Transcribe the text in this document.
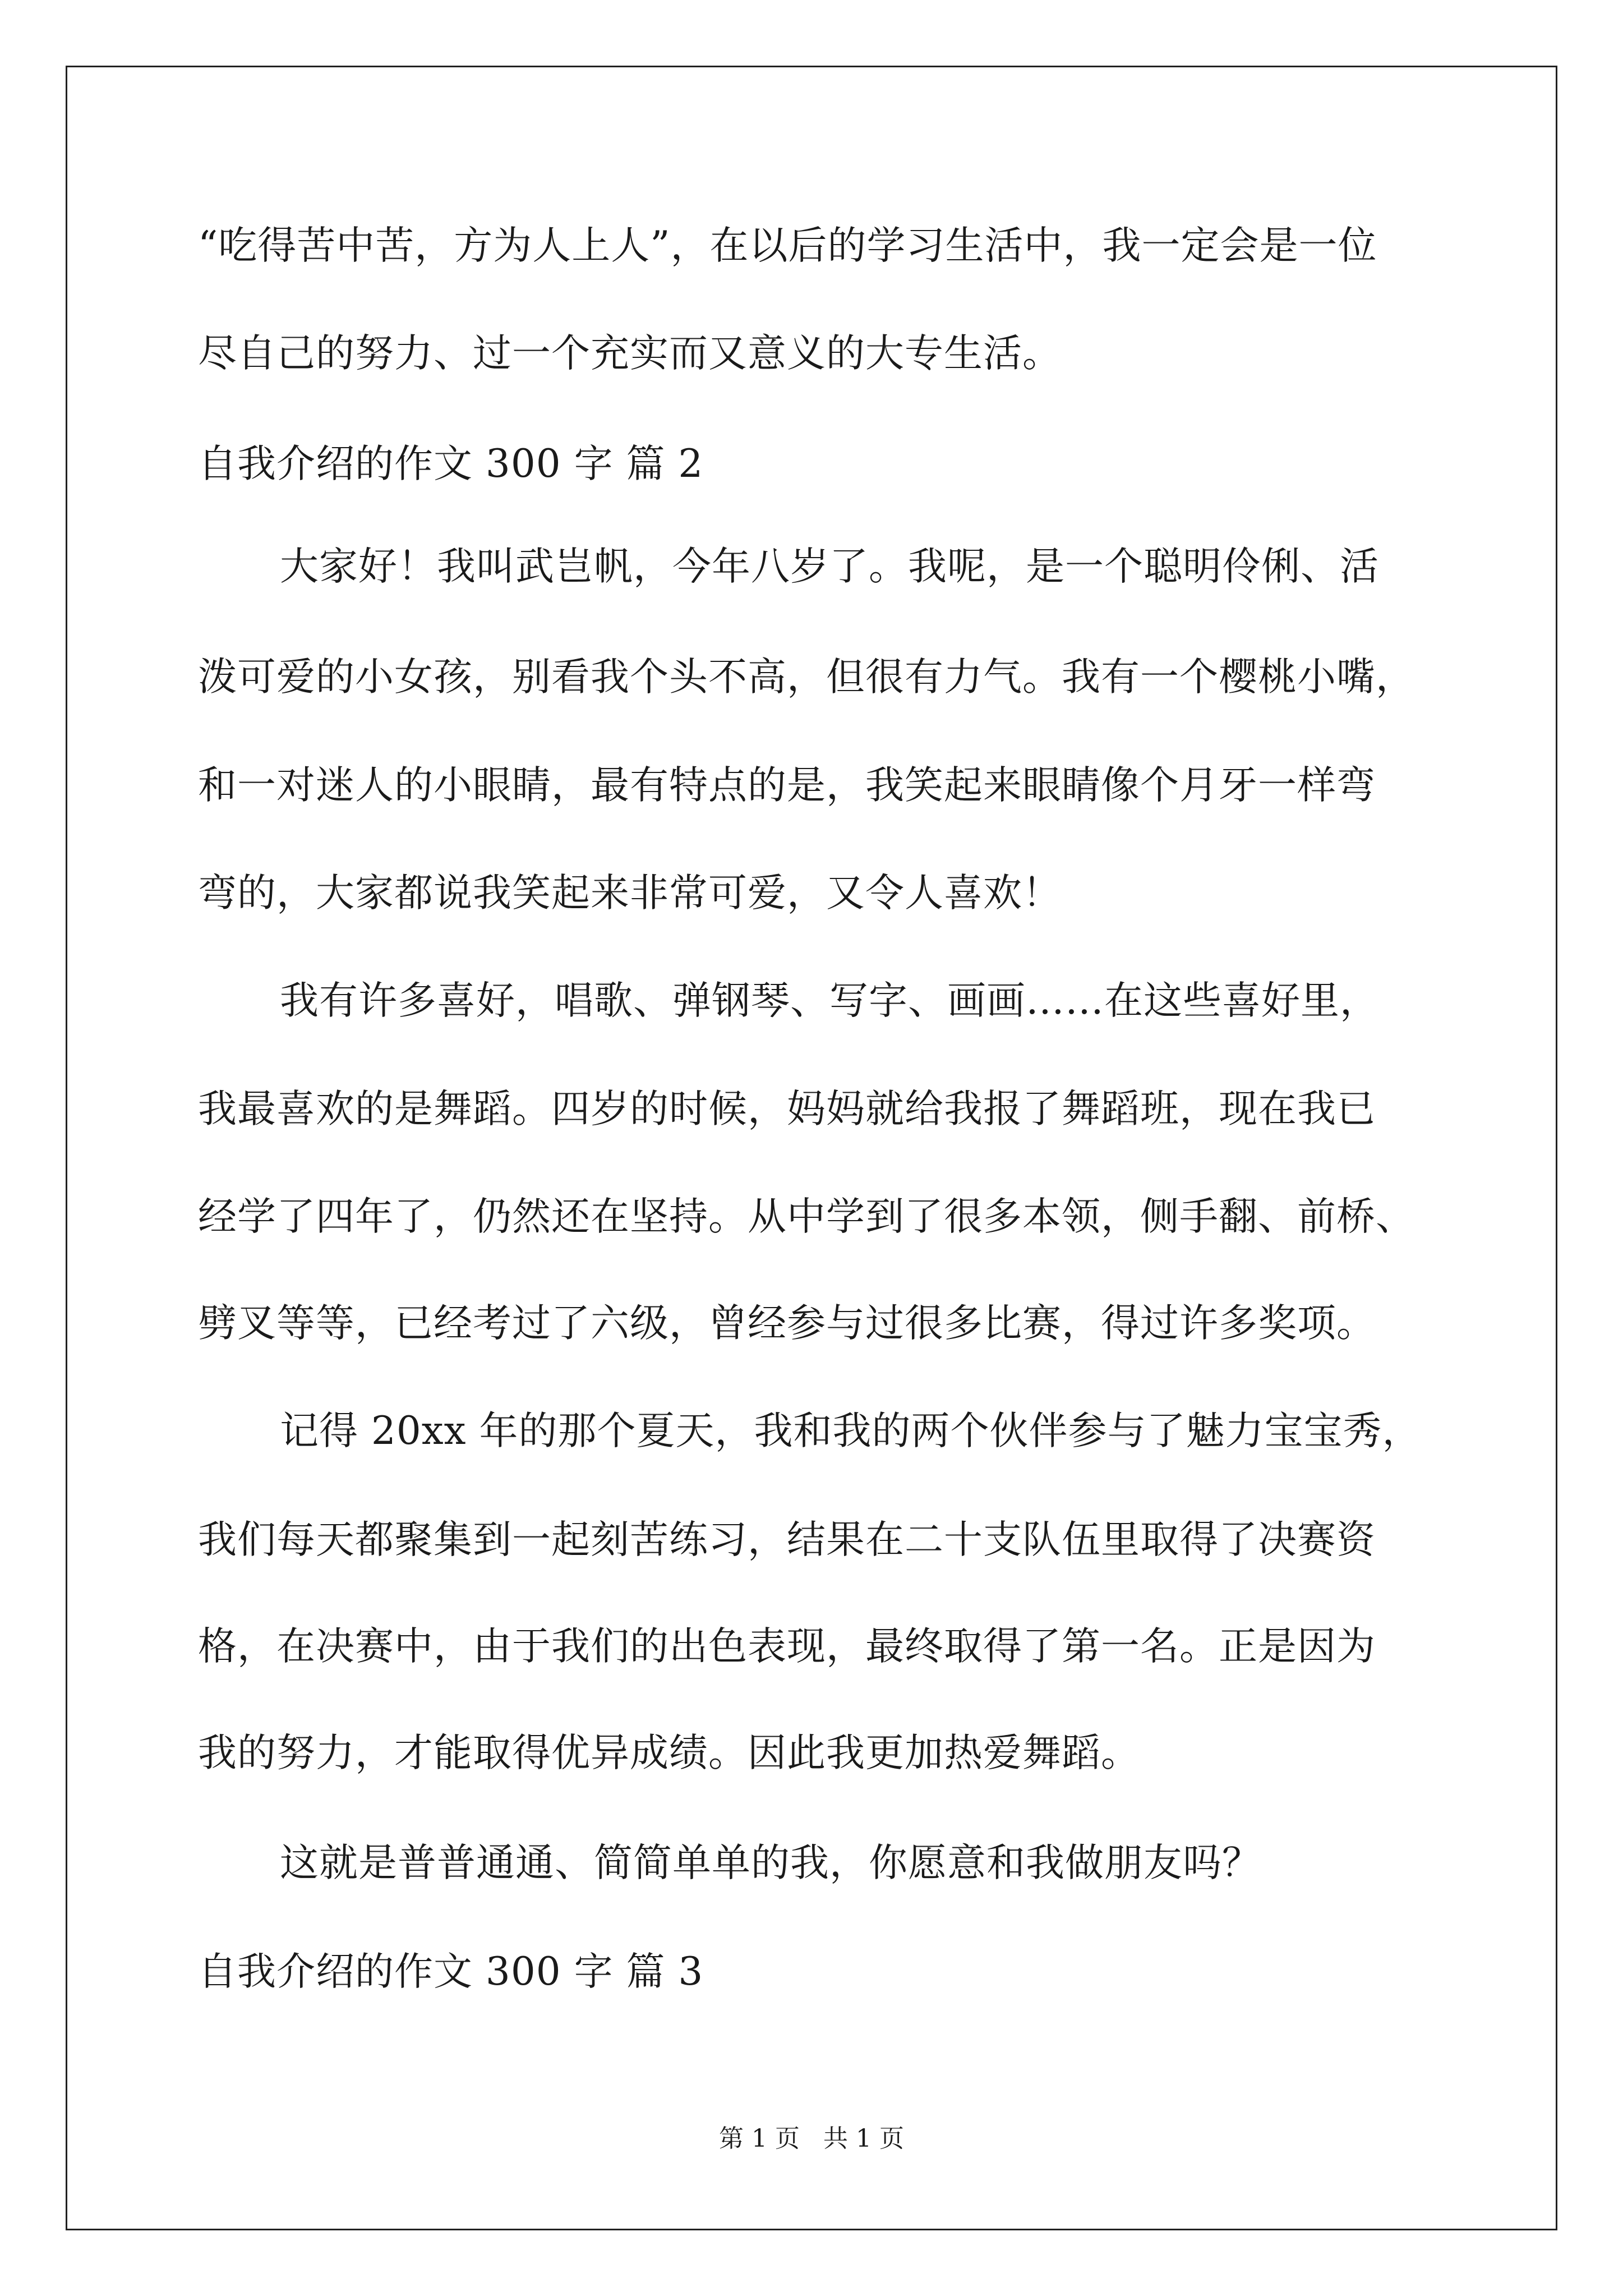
“吃得苦中苦，方为人上人”，在以后的学习生活中，我一定会是一位
尽自己的努力、过一个充实而又意义的大专生活。
自我介绍的作文 300 字 篇 2
大家好！我叫武岂帆，今年八岁了。我呢，是一个聪明伶俐、活
泼可爱的小女孩，别看我个头不高，但很有力气。我有一个樱桃小嘴，
和一对迷人的小眼睛，最有特点的是，我笑起来眼睛像个月牙一样弯
弯的，大家都说我笑起来非常可爱，又令人喜欢！
我有许多喜好，唱歌、弹钢琴、写字、画画……在这些喜好里，
我最喜欢的是舞蹈。四岁的时候，妈妈就给我报了舞蹈班，现在我已
经学了四年了，仍然还在坚持。从中学到了很多本领，侧手翻、前桥、
劈叉等等，已经考过了六级，曾经参与过很多比赛，得过许多奖项。
记得 20xx 年的那个夏天，我和我的两个伙伴参与了魅力宝宝秀，
我们每天都聚集到一起刻苦练习，结果在二十支队伍里取得了决赛资
格，在决赛中，由于我们的出色表现，最终取得了第一名。正是因为
我的努力，才能取得优异成绩。因此我更加热爱舞蹈。
这就是普普通通、简简单单的我，你愿意和我做朋友吗？
自我介绍的作文 300 字 篇 3
第 1 页   共 1 页
